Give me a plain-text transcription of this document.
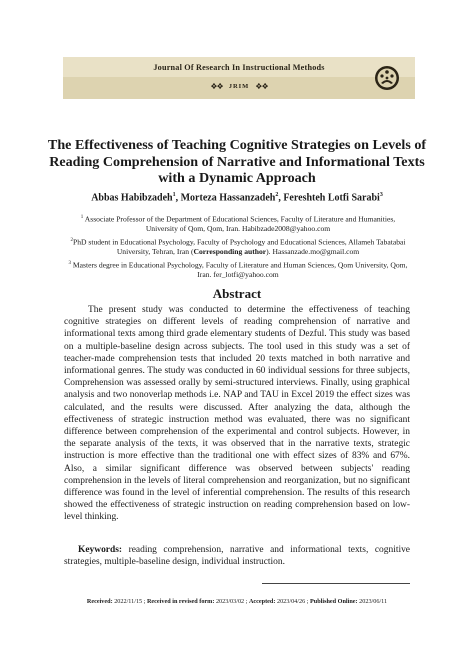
Journal Of Research In Instructional Methods
❖❖ JRIM ❖❖
The Effectiveness of Teaching Cognitive Strategies on Levels of Reading Comprehension of Narrative and Informational Texts with a Dynamic Approach
Abbas Habibzadeh$^1$, Morteza Hassanzadeh$^2$, Fereshteh Lotfi Sarabi$^3$
$^1$ Associate Professor of the Department of Educational Sciences, Faculty of Literature and Humanities, University of Qom, Qom, Iran. Habibzade2008@yahoo.com
$^2$PhD student in Educational Psychology, Faculty of Psychology and Educational Sciences, Allameh Tabatabai University, Tehran, Iran (Corresponding author). Hassanzade.mo@gmail.com
$^3$ Masters degree in Educational Psychology, Faculty of Literature and Human Sciences, Qom University, Qom, Iran. fer_lotfi@yahoo.com
Abstract

The present study was conducted to determine the effectiveness of teaching cognitive strategies on different levels of reading comprehension of narrative and informational texts among third grade elementary students of Dezful. This study was based on a multiple-baseline design across subjects. The tool used in this study was a set of teacher-made comprehension tests that included 20 texts matched in both narrative and informational genres. The study was conducted in 60 individual sessions for three subjects, Comprehension was assessed orally by semi-structured interviews. Finally, using graphical analysis and two nonoverlap methods i.e. NAP and TAU in Excel 2019 the effect sizes was calculated, and the results were discussed. After analyzing the data, although the effectiveness of strategic instruction method was evaluated, there was no significant difference between comprehension of the experimental and control subjects. However, in the separate analysis of the texts, it was observed that in the narrative texts, strategic instruction is more effective than the traditional one with effect sizes of 83% and 67%. Also, a similar significant difference was observed between subjects' reading comprehension in the levels of literal comprehension and reorganization, but no significant difference was found in the level of inferential comprehension. The results of this research showed the effectiveness of strategic instruction on reading comprehension based on low-level thinking.

Keywords: reading comprehension, narrative and informational texts, cognitive strategies, multiple-baseline design, individual instruction.

Received: 2022/11/15 ; Received in revised form: 2023/03/02 ; Accepted: 2023/04/26 ; Published Online: 2023/06/11
